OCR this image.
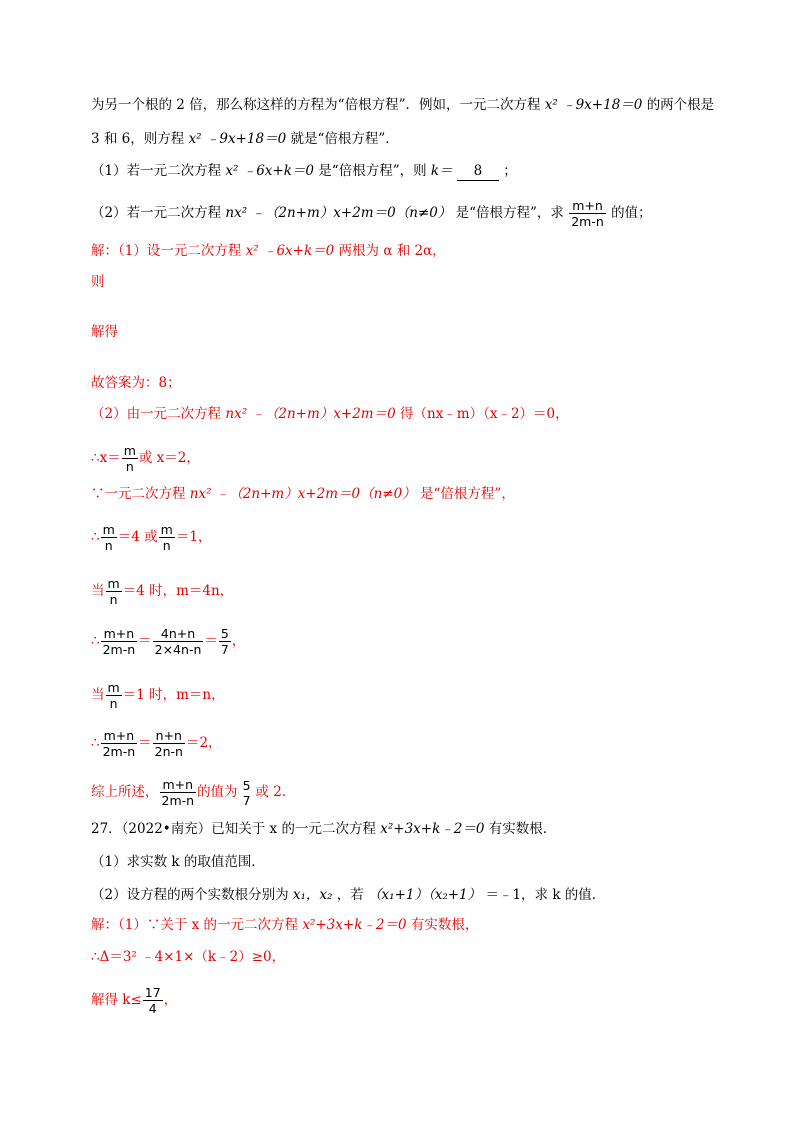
为另一个根的 2 倍，那么称这样的方程为“倍根方程”．例如，一元二次方程 x² ﹣9x+18＝0 的两个根是
3 和 6，则方程 x² ﹣9x+18＝0 就是“倍根方程”．
（1）若一元二次方程 x² ﹣6x+k＝0 是“倍根方程”，则 k＝ 8 ；
（2）若一元二次方程 nx² ﹣（2n+m）x+2m＝0（n≠0） 是“倍根方程”，求 $\frac{m+n}{2m-n}$ 的值；
解：（1）设一元二次方程 x² ﹣6x+k＝0 两根为 α 和 2α，
则
解得
故答案为：8；
（2）由一元二次方程 nx² ﹣（2n+m）x+2m＝0 得（nx﹣m）（x﹣2）＝0，
∴x＝ $\frac{m}{n}$ 或 x＝2，
∵一元二次方程 nx² ﹣（2n+m）x+2m＝0（n≠0） 是“倍根方程”，
∴ $\frac{m}{n} =4$ 或 $\frac{m}{n} =1$，
当 $\frac{m}{n} =4$ 时，m＝4n，
∴ $\frac{m+n}{2m-n} = \frac{4n+n}{2\times 4n-n} = \frac{5}{7}$ ，
当 $\frac{m}{n} =1$ 时，m＝n，
∴ $\frac{m+n}{2m-n} = \frac{n+n}{2n-n} =2$，
综上所述， $\frac{m+n}{2m-n}$ 的值为 5
7 或 2．
27．（2022•南充）已知关于 x 的一元二次方程 x²+3x+k﹣2＝0 有实数根．
（1）求实数 k 的取值范围．
（2）设方程的两个实数根分别为 x₁，x₂ ，若 （x₁+1）（x₂+1） ＝﹣1，求 k 的值．
解：（1）∵关于 x 的一元二次方程 x²+3x+k﹣2＝0 有实数根，
∴Δ＝3² ﹣4×1×（k﹣2）≥0，
解得 $k\le \frac{17}{4}$ ，
